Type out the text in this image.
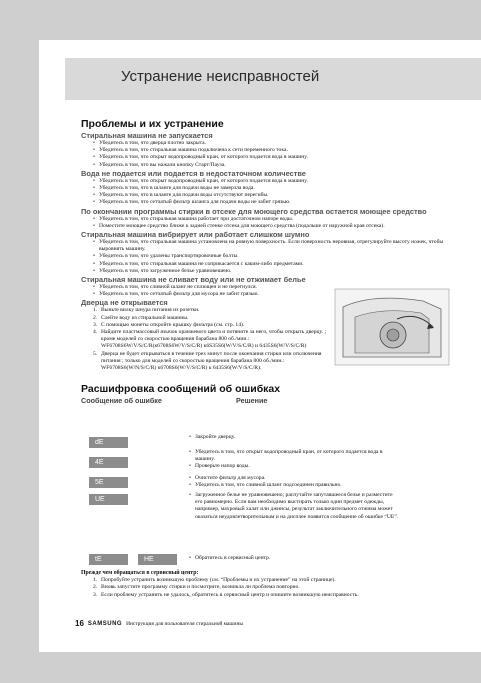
Устранение неисправностей
Проблемы и их устранение
Стиральная машина не запускается
• Убедитесь в том, что дверца плотно закрыта.
• Убедитесь в том, что стиральная машина подключена к сети переменного тока.
• Убедитесь в том, что открыт водопроводный кран, от которого подается вода в машину.
• Убедитесь в том, что вы нажали кнопку Старт/Пауза.
Вода не подается или подается в недостаточном количестве
• Убедитесь в том, что открыт водопроводный кран, от которого подается вода в машину.
• Убедитесь в том, что в шланге для подачи воды не замерзла вода.
• Убедитесь в том, что в шланге для подачи воды отсутствуют перегибы.
• Убедитесь в том, что сетчатый фильтр шланга для подачи воды не забит грязью.
По окончании программы стирки в отсеке для моющего средства остается моющее средство
• Убедитесь в том, что стиральная машина работает при достаточном напоре воды.
• Поместите моющее средство ближе к задней стенке отсека для моющего средства (подальше от наружной края отсека).
Стиральная машина вибрирует или работает слишком шумно
• Убедитесь в том, что стиральная машина установлена на ровную поверхность. Если поверхность неровная, отрегулируйте высоту ножек, чтобы выровнять машину.
• Убедитесь в том, что удалены транспортировочные болты.
• Убедитесь в том, что стиральная машина не соприкасается с каким-либо предметами.
• Убедитесь в том, что загруженное белье уравновешено.
Стиральная машина не сливает воду или не отжимает белье
• Убедитесь в том, что сливной шланг не сплющен и не перегнулся.
• Убедитесь в том, что сетчатый фильтр для мусора не забит грязью.
Дверца не открывается
1. Выньте вилку шнура питания из розетки.
2. Слейте воду из стиральной машины.
3. С помощью монеты откройте крышку фильтра (см. стр. 14).
4. Найдите пластмассовый язычок оранжевого цвета и потяните за него, чтобы открыть дверцу. ; кроме моделей со скоростью вращения барабана 800 об./мин.: WF6708S6W/V/S/C/R(к6708S6W/V/S/C/R) к6S35S6(W/V/S/C/R) и 6435S6(W/V/S/C/R)
5. Дверца не будет открываться в течение трех минут после окончания стирки или отключения питания ; только для моделей со скоростью вращения барабана 800 об./мин.: WF6708S6(W/N/S/C/R) к6708S6(W/V/S/C/R) к 6435S6(W/V/S/C/R).
Расшифровка сообщений об ошибках
Сообщение об ошибке	Решение
dE
• Закройте дверцу.
4E
• Убедитесь в том, что открыт водопроводный кран, от которого подается вода в машину.
• Проверьте напор воды.
5E
• Очистите фильтр для мусора.
• Убедитесь в том, что сливной шланг подсоединен правильно.
UE
• Загруженное белье не уравновешено; распутайте запутавшееся белье и разместите его равномерно. Если вам необходимо выстирать только один предмет одежды, например, махровый халат или джинсы, результат заключительного отжима может оказаться неудовлетворительным и на дисплее появится сообщение об ошибке “UE”.
tE	HE
•	Обратитесь в сервисный центр.
Прежде чем обращаться в сервисный центр:
1. Попробуйте устранить возникшую проблему (см. “Проблемы и их устранение” на этой странице).
2. Вновь запустите программу стирки и посмотрите, возникла ли проблема повторно.
3. Если проблему устранить не удалось, обратитесь в сервисный центр и опишите возникшую неисправность.
16 SAMSUNG Инструкция для пользователя стиральной машины
